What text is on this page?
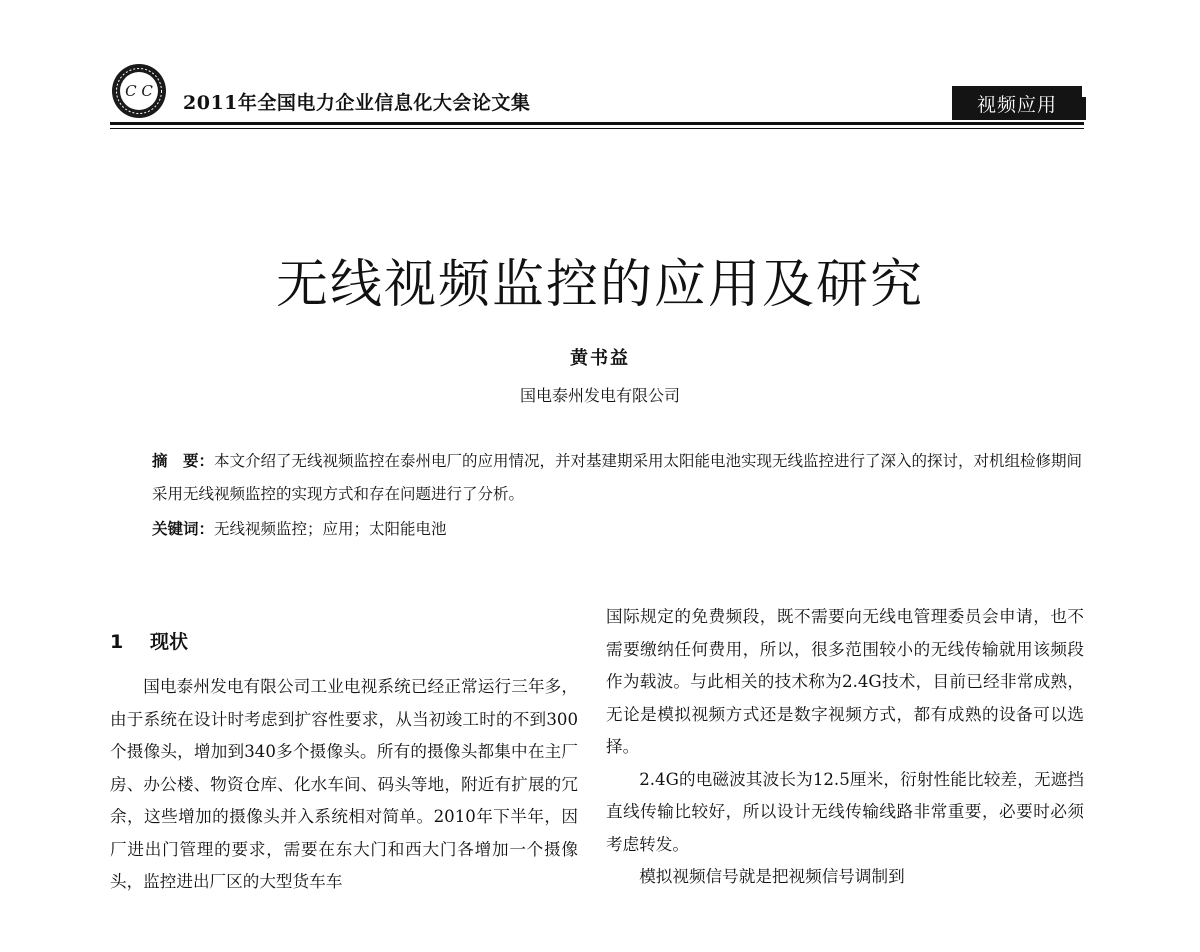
C C
2011年全国电力企业信息化大会论文集	视频应用
无线视频监控的应用及研究
黄书益
国电泰州发电有限公司
摘　要：本文介绍了无线视频监控在泰州电厂的应用情况，并对基建期采用太阳能电池实现无线监控进行了深入的探讨，对机组检修期间采用无线视频监控的实现方式和存在问题进行了分析。
关键词：无线视频监控；应用；太阳能电池
1 现状

国电泰州发电有限公司工业电视系统已经正常运行三年多，由于系统在设计时考虑到扩容性要求，从当初竣工时的不到300个摄像头，增加到340多个摄像头。所有的摄像头都集中在主厂房、办公楼、物资仓库、化水车间、码头等地，附近有扩展的冗余，这些增加的摄像头并入系统相对简单。2010年下半年，因厂进出门管理的要求，需要在东大门和西大门各增加一个摄像头，监控进出厂区的大型货车车

国际规定的免费频段，既不需要向无线电管理委员会申请，也不需要缴纳任何费用，所以，很多范围较小的无线传输就用该频段作为载波。与此相关的技术称为2.4G技术，目前已经非常成熟，无论是模拟视频方式还是数字视频方式，都有成熟的设备可以选择。

2.4G的电磁波其波长为12.5厘米，衍射性能比较差，无遮挡直线传输比较好，所以设计无线传输线路非常重要，必要时必须考虑转发。

模拟视频信号就是把视频信号调制到
